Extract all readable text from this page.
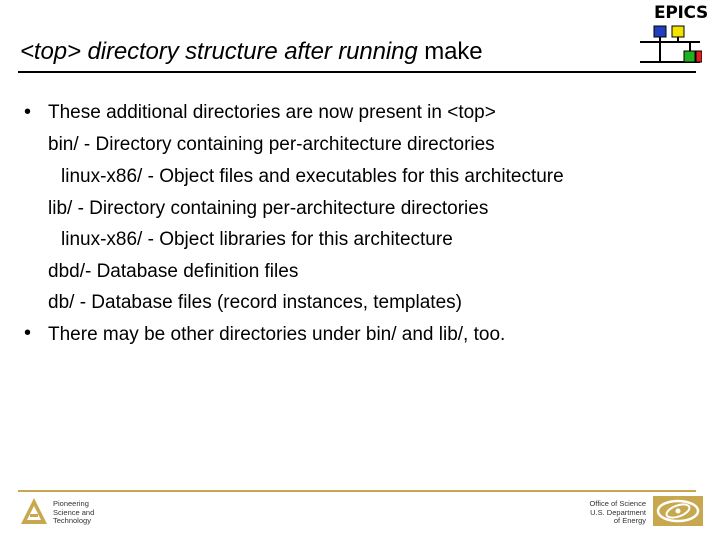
<top> directory structure after running make
EPICS
• These additional directories are now present in <top>
bin/ - Directory containing per-architecture directories
linux-x86/ - Object files and executables for this architecture
lib/ - Directory containing per-architecture directories
linux-x86/ - Object libraries for this architecture
dbd/- Database definition files
db/ - Database files (record instances, templates)
• There may be other directories under bin/ and lib/, too.
Pioneering
Science and
Technology
Office of Science
U.S. Department
of Energy
